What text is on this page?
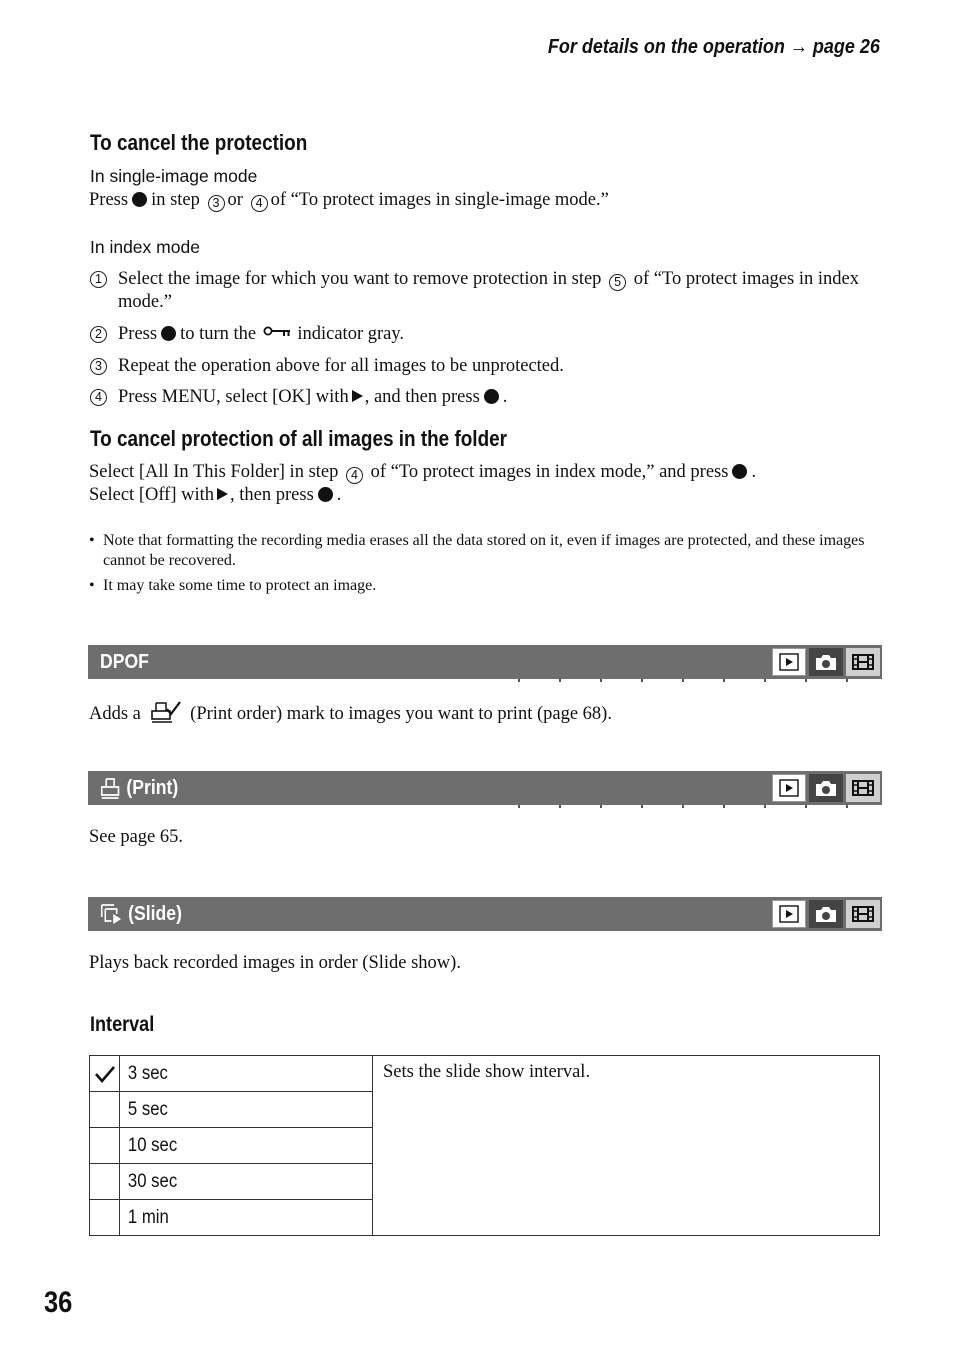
For details on the operation → page 26
To cancel the protection
In single-image mode
Press in step 3 or 4 of “To protect images in single-image mode.”
In index mode
1 Select the image for which you want to remove protection in step 5 of “To protect images in index mode.”
2 Press to turn the indicator gray.
3 Repeat the operation above for all images to be unprotected.
4 Press MENU, select [OK] with , and then press .
To cancel protection of all images in the folder
Select [All In This Folder] in step 4 of “To protect images in index mode,” and press .
Select [Off] with , then press .
• Note that formatting the recording media erases all the data stored on it, even if images are protected, and these images cannot be recovered.
• It may take some time to protect an image.
DPOF
Adds a	(Print order) mark to images you want to print (page 68).
(Print)
See page 65.
(Slide)
Plays back recorded images in order (Slide show).
Interval
	3 sec	Sets the slide show interval.
	5 sec	
	10 sec	
	30 sec	
	1 min	
36
